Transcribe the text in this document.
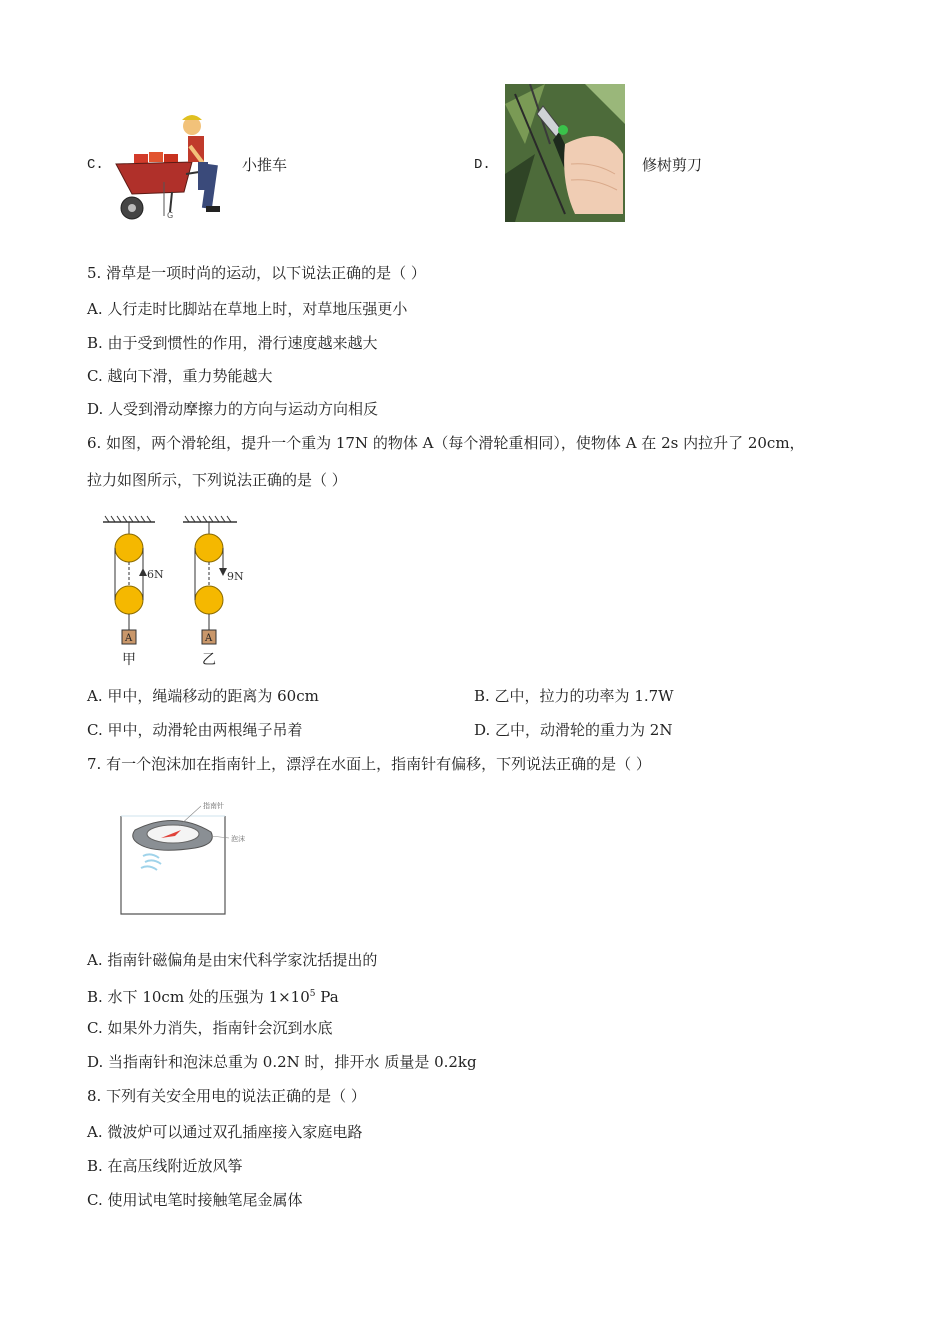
C.
G
小推车	D.	修树剪刀
5. 滑草是一项时尚的运动，以下说法正确的是（ ）
A. 人行走时比脚站在草地上时，对草地压强更小
B. 由于受到惯性的作用，滑行速度越来越大
C. 越向下滑，重力势能越大
D. 人受到滑动摩擦力的方向与运动方向相反
6. 如图，两个滑轮组，提升一个重为 17N 的物体 A（每个滑轮重相同），使物体 A 在 2s 内拉升了 20cm，
拉力如图所示，下列说法正确的是（ ）
6N
A
甲
9N
A
乙
A. 甲中，绳端移动的距离为 60cm	B. 乙中，拉力的功率为 1.7W
C. 甲中，动滑轮由两根绳子吊着	D. 乙中，动滑轮的重力为 2N
7. 有一个泡沫加在指南针上，漂浮在水面上，指南针有偏移，下列说法正确的是（ ）
指南针
泡沫
A. 指南针磁偏角是由宋代科学家沈括提出的
B. 水下 10cm 处的压强为 $1\times 10^5$ Pa
C. 如果外力消失，指南针会沉到水底
D. 当指南针和泡沫总重为 0.2N 时，排开水 质量是 0.2kg
8. 下列有关安全用电的说法正确的是（ ）
A. 微波炉可以通过双孔插座接入家庭电路
B. 在高压线附近放风筝
C. 使用试电笔时接触笔尾金属体
